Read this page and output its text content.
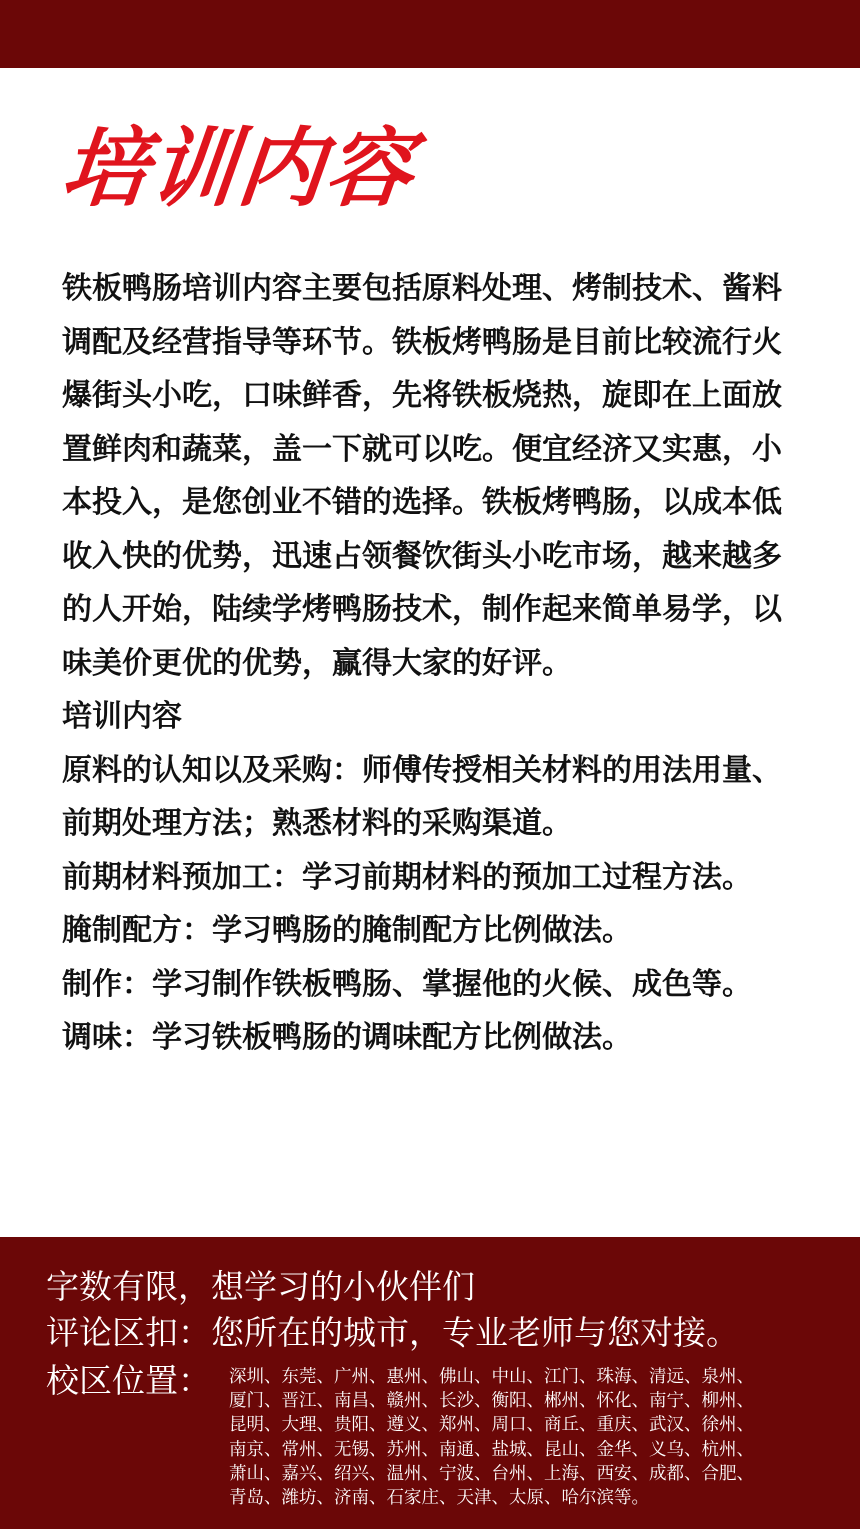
培训内容

铁板鸭肠培训内容主要包括原料处理、烤制技术、酱料调配及经营指导等环节。铁板烤鸭肠是目前比较流行火爆街头小吃，口味鲜香，先将铁板烧热，旋即在上面放置鲜肉和蔬菜，盖一下就可以吃。便宜经济又实惠，小本投入，是您创业不错的选择。铁板烤鸭肠，以成本低收入快的优势，迅速占领餐饮街头小吃市场，越来越多的人开始，陆续学烤鸭肠技术，制作起来简单易学，以味美价更优的优势，赢得大家的好评。

培训内容

原料的认知以及采购：师傅传授相关材料的用法用量、前期处理方法；熟悉材料的采购渠道。

前期材料预加工：学习前期材料的预加工过程方法。

腌制配方：学习鸭肠的腌制配方比例做法。

制作：学习制作铁板鸭肠、掌握他的火候、成色等。

调味：学习铁板鸭肠的调味配方比例做法。

字数有限，想学习的小伙伴们
评论区扣：您所在的城市，专业老师与您对接。
校区位置： 深圳、东莞、广州、惠州、佛山、中山、江门、珠海、清远、泉州、
厦门、晋江、南昌、赣州、长沙、衡阳、郴州、怀化、南宁、柳州、
昆明、大理、贵阳、遵义、郑州、周口、商丘、重庆、武汉、徐州、
南京、常州、无锡、苏州、南通、盐城、昆山、金华、义乌、杭州、
萧山、嘉兴、绍兴、温州、宁波、台州、上海、西安、成都、合肥、
青岛、潍坊、济南、石家庄、天津、太原、哈尔滨等。
